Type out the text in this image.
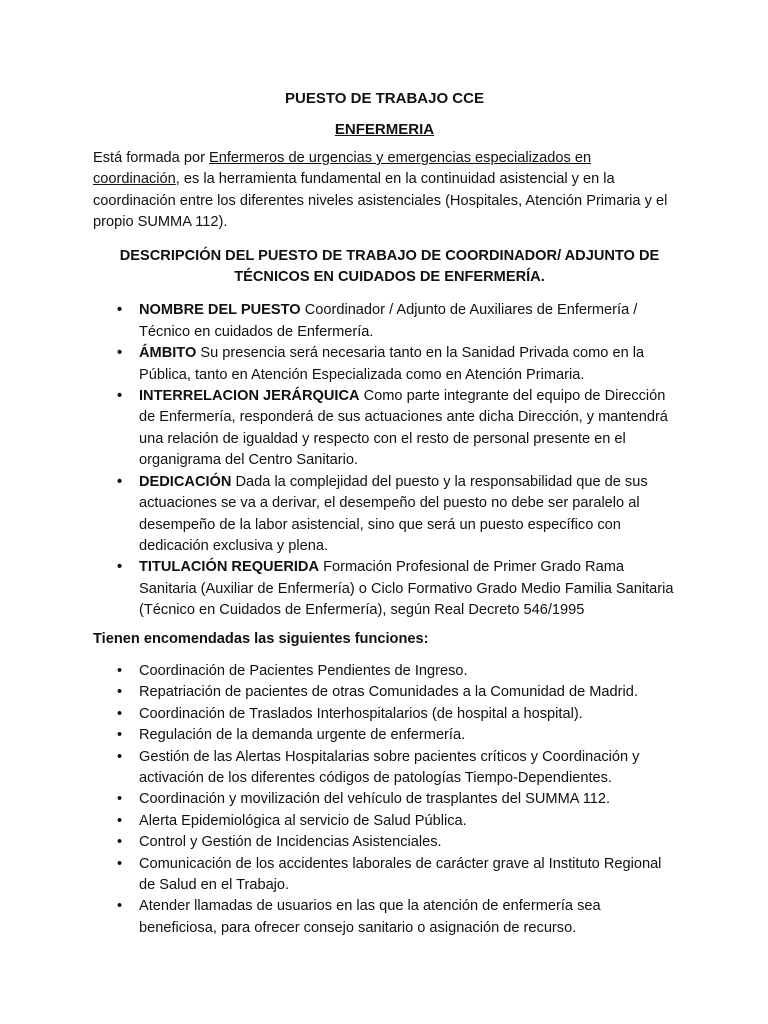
PUESTO DE TRABAJO CCE

ENFERMERIA

Está formada por Enfermeros de urgencias y emergencias especializados en coordinación, es la herramienta fundamental en la continuidad asistencial y en la coordinación entre los diferentes niveles asistenciales (Hospitales, Atención Primaria y el propio SUMMA 112).

DESCRIPCIÓN DEL PUESTO DE TRABAJO DE COORDINADOR/ ADJUNTO DE
TÉCNICOS EN CUIDADOS DE ENFERMERÍA.

• NOMBRE DEL PUESTO Coordinador / Adjunto de Auxiliares de Enfermería / Técnico en cuidados de Enfermería.
• ÁMBITO Su presencia será necesaria tanto en la Sanidad Privada como en la Pública, tanto en Atención Especializada como en Atención Primaria.
• INTERRELACION JERÁRQUICA Como parte integrante del equipo de Dirección de Enfermería, responderá de sus actuaciones ante dicha Dirección, y mantendrá una relación de igualdad y respecto con el resto de personal presente en el organigrama del Centro Sanitario.
• DEDICACIÓN Dada la complejidad del puesto y la responsabilidad que de sus actuaciones se va a derivar, el desempeño del puesto no debe ser paralelo al desempeño de la labor asistencial, sino que será un puesto específico con dedicación exclusiva y plena.
• TITULACIÓN REQUERIDA Formación Profesional de Primer Grado Rama Sanitaria (Auxiliar de Enfermería) o Ciclo Formativo Grado Medio Familia Sanitaria (Técnico en Cuidados de Enfermería), según Real Decreto 546/1995

Tienen encomendadas las siguientes funciones:

• Coordinación de Pacientes Pendientes de Ingreso.
• Repatriación de pacientes de otras Comunidades a la Comunidad de Madrid.
• Coordinación de Traslados Interhospitalarios (de hospital a hospital).
• Regulación de la demanda urgente de enfermería.
• Gestión de las Alertas Hospitalarias sobre pacientes críticos y Coordinación y activación de los diferentes códigos de patologías Tiempo-Dependientes.
• Coordinación y movilización del vehículo de trasplantes del SUMMA 112.
• Alerta Epidemiológica al servicio de Salud Pública.
• Control y Gestión de Incidencias Asistenciales.
• Comunicación de los accidentes laborales de carácter grave al Instituto Regional de Salud en el Trabajo.
• Atender llamadas de usuarios en las que la atención de enfermería sea beneficiosa, para ofrecer consejo sanitario o asignación de recurso.
